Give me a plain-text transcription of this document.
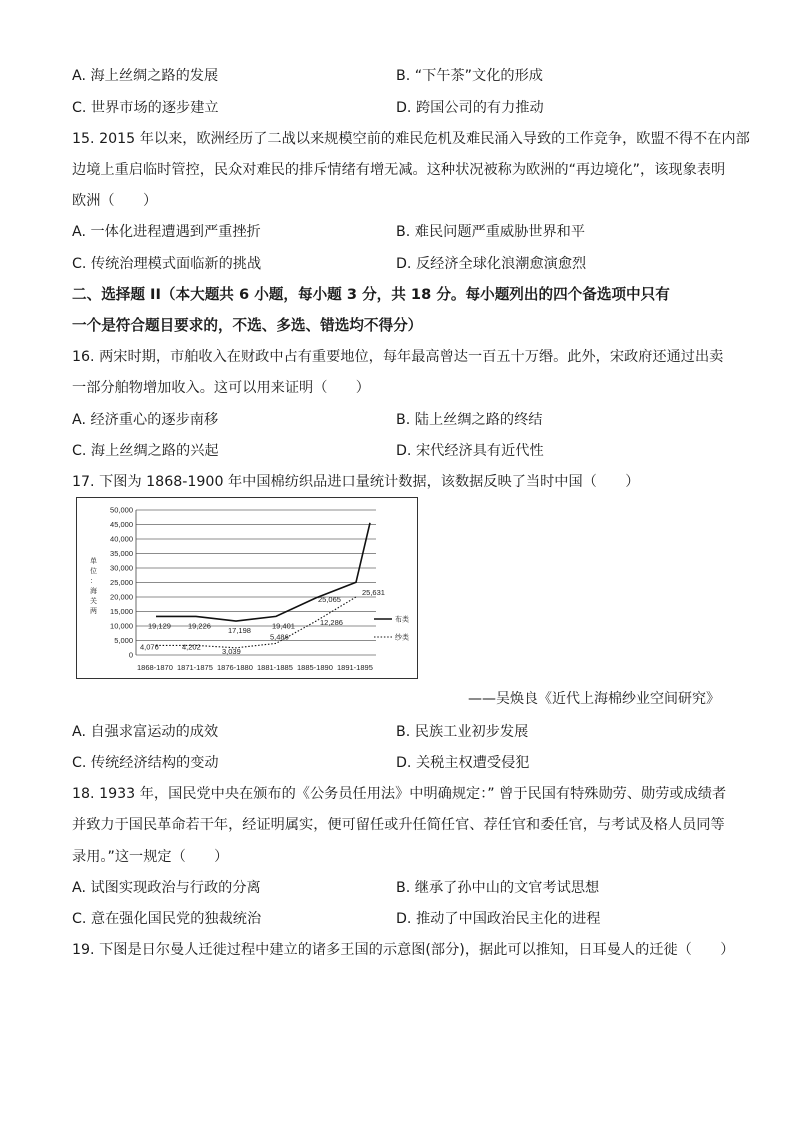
A. 海上丝绸之路的发展	B. “下午茶”文化的形成
C. 世界市场的逐步建立	D. 跨国公司的有力推动
15. 2015 年以来，欧洲经历了二战以来规模空前的难民危机及难民涌入导致的工作竞争，欧盟不得不在内部
边境上重启临时管控，民众对难民的排斥情绪有增无减。这种状况被称为欧洲的“再边境化”，该现象表明
欧洲（　　）
A. 一体化进程遭遇到严重挫折	B. 难民问题严重威胁世界和平
C. 传统治理模式面临新的挑战	D. 反经济全球化浪潮愈演愈烈
二、选择题 II（本大题共 6 小题，每小题 3 分，共 18 分。每小题列出的四个备选项中只有
一个是符合题目要求的，不选、多选、错选均不得分）
16. 两宋时期，市舶收入在财政中占有重要地位，每年最高曾达一百五十万缗。此外，宋政府还通过出卖
一部分舶物增加收入。这可以用来证明（　　）
A. 经济重心的逐步南移	B. 陆上丝绸之路的终结
C. 海上丝绸之路的兴起	D. 宋代经济具有近代性
17. 下图为 1868-1900 年中国棉纺织品进口量统计数据，该数据反映了当时中国（　　）
0
5,000
10,000
15,000
20,000
25,000
30,000
35,000
40,000
45,000
50,000
1868-1870 1871-1875 1876-1880 1881-1885 1885-1890 1891-1895
单
位
：
海
关
两
19,129 19,226
17,198
19,401
25,065
4,076	4,202	3,039
5,486
12,286
25,631
布类
纱类
——吴焕良《近代上海棉纱业空间研究》
A. 自强求富运动的成效	B. 民族工业初步发展
C. 传统经济结构的变动	D. 关税主权遭受侵犯
18. 1933 年，国民党中央在颁布的《公务员任用法》中明确规定：” 曾于民国有特殊勋劳、勋劳或成绩者
并致力于国民革命若干年，经证明属实，便可留任或升任简任官、荐任官和委任官，与考试及格人员同等
录用。”这一规定（　　）
A. 试图实现政治与行政的分离	B. 继承了孙中山的文官考试思想
C. 意在强化国民党的独裁统治	D. 推动了中国政治民主化的进程
19. 下图是日尔曼人迁徙过程中建立的诸多王国的示意图(部分)，据此可以推知，日耳曼人的迁徙（　　）
